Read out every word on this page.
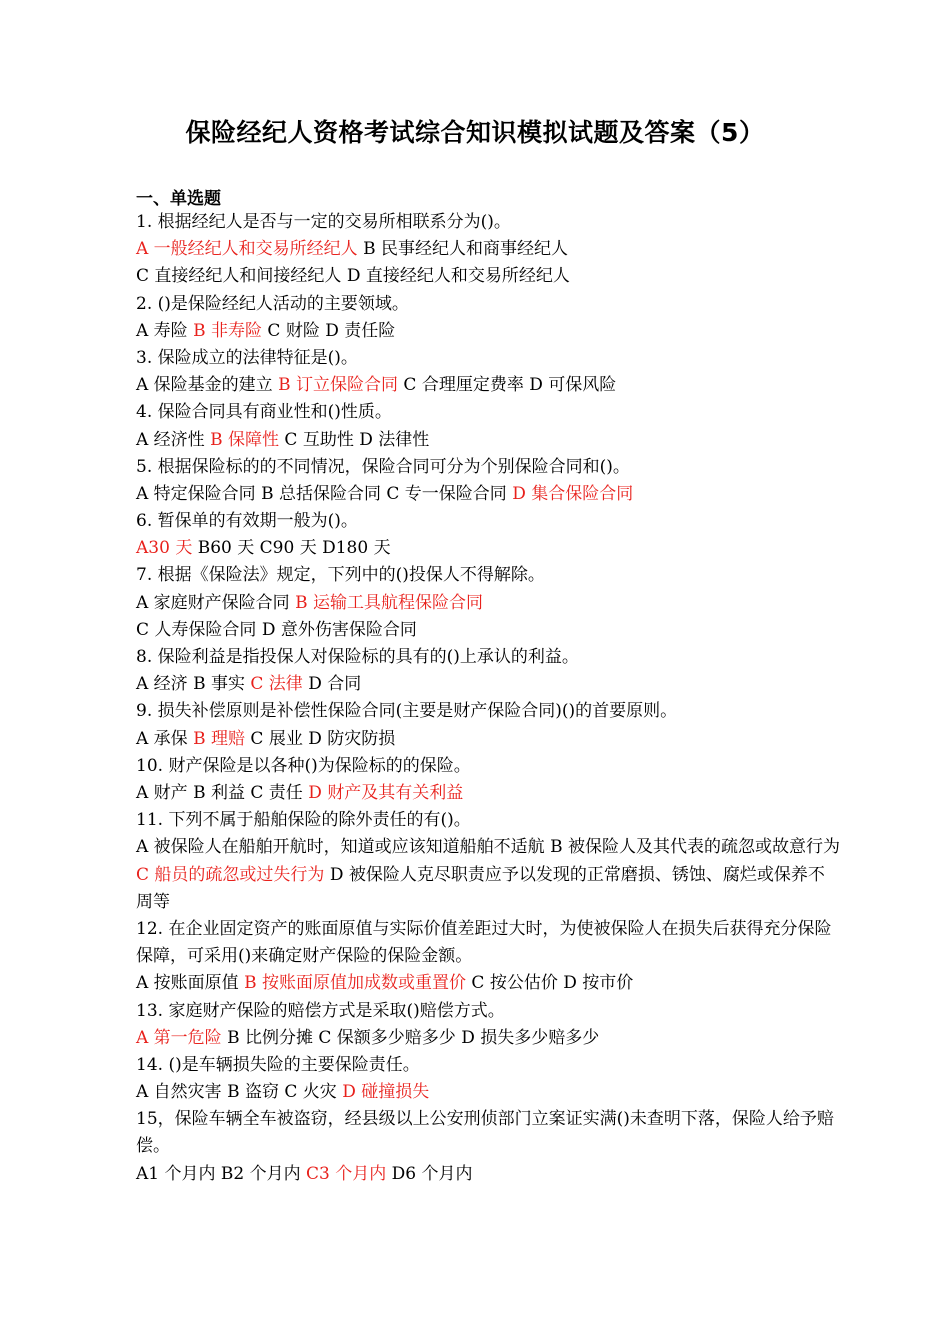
保险经纪人资格考试综合知识模拟试题及答案（5）
一、单选题
1. 根据经纪人是否与一定的交易所相联系分为()。
A 一般经纪人和交易所经纪人 B 民事经纪人和商事经纪人
C 直接经纪人和间接经纪人 D 直接经纪人和交易所经纪人
2. ()是保险经纪人活动的主要领域。
A 寿险 B 非寿险 C 财险 D 责任险
3. 保险成立的法律特征是()。
A 保险基金的建立 B 订立保险合同 C 合理厘定费率 D 可保风险
4. 保险合同具有商业性和()性质。
A 经济性 B 保障性 C 互助性 D 法律性
5. 根据保险标的的不同情况，保险合同可分为个别保险合同和()。
A 特定保险合同 B 总括保险合同 C 专一保险合同 D 集合保险合同
6. 暂保单的有效期一般为()。
A30 天 B60 天 C90 天 D180 天
7. 根据《保险法》规定，下列中的()投保人不得解除。
A 家庭财产保险合同 B 运输工具航程保险合同
C 人寿保险合同 D 意外伤害保险合同
8. 保险利益是指投保人对保险标的具有的()上承认的利益。
A 经济 B 事实 C 法律 D 合同
9. 损失补偿原则是补偿性保险合同(主要是财产保险合同)()的首要原则。
A 承保 B 理赔 C 展业 D 防灾防损
10. 财产保险是以各种()为保险标的的保险。
A 财产 B 利益 C 责任 D 财产及其有关利益
11. 下列不属于船舶保险的除外责任的有()。
A 被保险人在船舶开航时，知道或应该知道船舶不适航 B 被保险人及其代表的疏忽或故意行为
C 船员的疏忽或过失行为 D 被保险人克尽职责应予以发现的正常磨损、锈蚀、腐烂或保养不周等
12. 在企业固定资产的账面原值与实际价值差距过大时，为使被保险人在损失后获得充分保险保障，可采用()来确定财产保险的保险金额。
A 按账面原值 B 按账面原值加成数或重置价 C 按公估价 D 按市价
13. 家庭财产保险的赔偿方式是采取()赔偿方式。
A 第一危险 B 比例分摊 C 保额多少赔多少 D 损失多少赔多少
14. ()是车辆损失险的主要保险责任。
A 自然灾害 B 盗窃 C 火灾 D 碰撞损失
15，保险车辆全车被盗窃，经县级以上公安刑侦部门立案证实满()未查明下落，保险人给予赔偿。
A1 个月内 B2 个月内 C3 个月内 D6 个月内
